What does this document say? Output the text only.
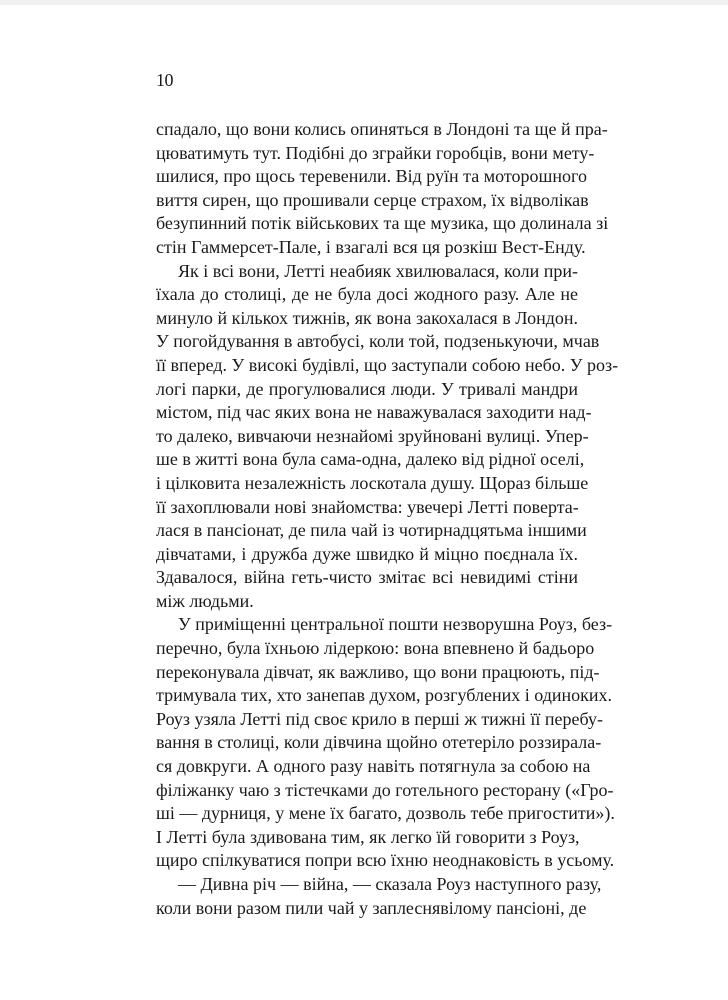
10
спадало, що вони колись опиняться в Лондоні та ще й пра-
цюватимуть тут. Подібні до зграйки горобців, вони мету-
шилися, про щось теревенили. Від руїн та моторошного
виття сирен, що прошивали серце страхом, їх відволікав
безупинний потік військових та ще музика, що долинала зі
стін Гаммерсет-Пале, і взагалі вся ця розкіш Вест-Енду.
Як і всі вони, Летті неабияк хвилювалася, коли при-
їхала до столиці, де не була досі жодного разу. Але не
минуло й кількох тижнів, як вона закохалася в Лондон.
У погойдування в автобусі, коли той, подзенькуючи, мчав
її вперед. У високі будівлі, що заступали собою небо. У роз-
логі парки, де прогулювалися люди. У тривалі мандри
містом, під час яких вона не наважувалася заходити над-
то далеко, вивчаючи незнайомі зруйновані вулиці. Упер-
ше в житті вона була сама-одна, далеко від рідної оселі,
і цілковита незалежність лоскотала душу. Щораз більше
її захоплювали нові знайомства: увечері Летті поверта-
лася в пансіонат, де пила чай із чотирнадцятьма іншими
дівчатами, і дружба дуже швидко й міцно поєднала їх.
Здавалося, війна геть-чисто змітає всі невидимі стіни
між людьми.
У приміщенні центральної пошти незворушна Роуз, без-
перечно, була їхньою лідеркою: вона впевнено й бадьоро
переконувала дівчат, як важливо, що вони працюють, під-
тримувала тих, хто занепав духом, розгублених і одиноких.
Роуз узяла Летті під своє крило в перші ж тижні її перебу-
вання в столиці, коли дівчина щойно отетеріло роззирала-
ся довкруги. А одного разу навіть потягнула за собою на
філіжанку чаю з тістечками до готельного ресторану («Гро-
ші — дурниця, у мене їх багато, дозволь тебе пригостити»).
І Летті була здивована тим, як легко їй говорити з Роуз,
щиро спілкуватися попри всю їхню неоднаковість в усьому.
— Дивна річ — війна, — сказала Роуз наступного разу,
коли вони разом пили чай у заплеснявілому пансіоні, де
